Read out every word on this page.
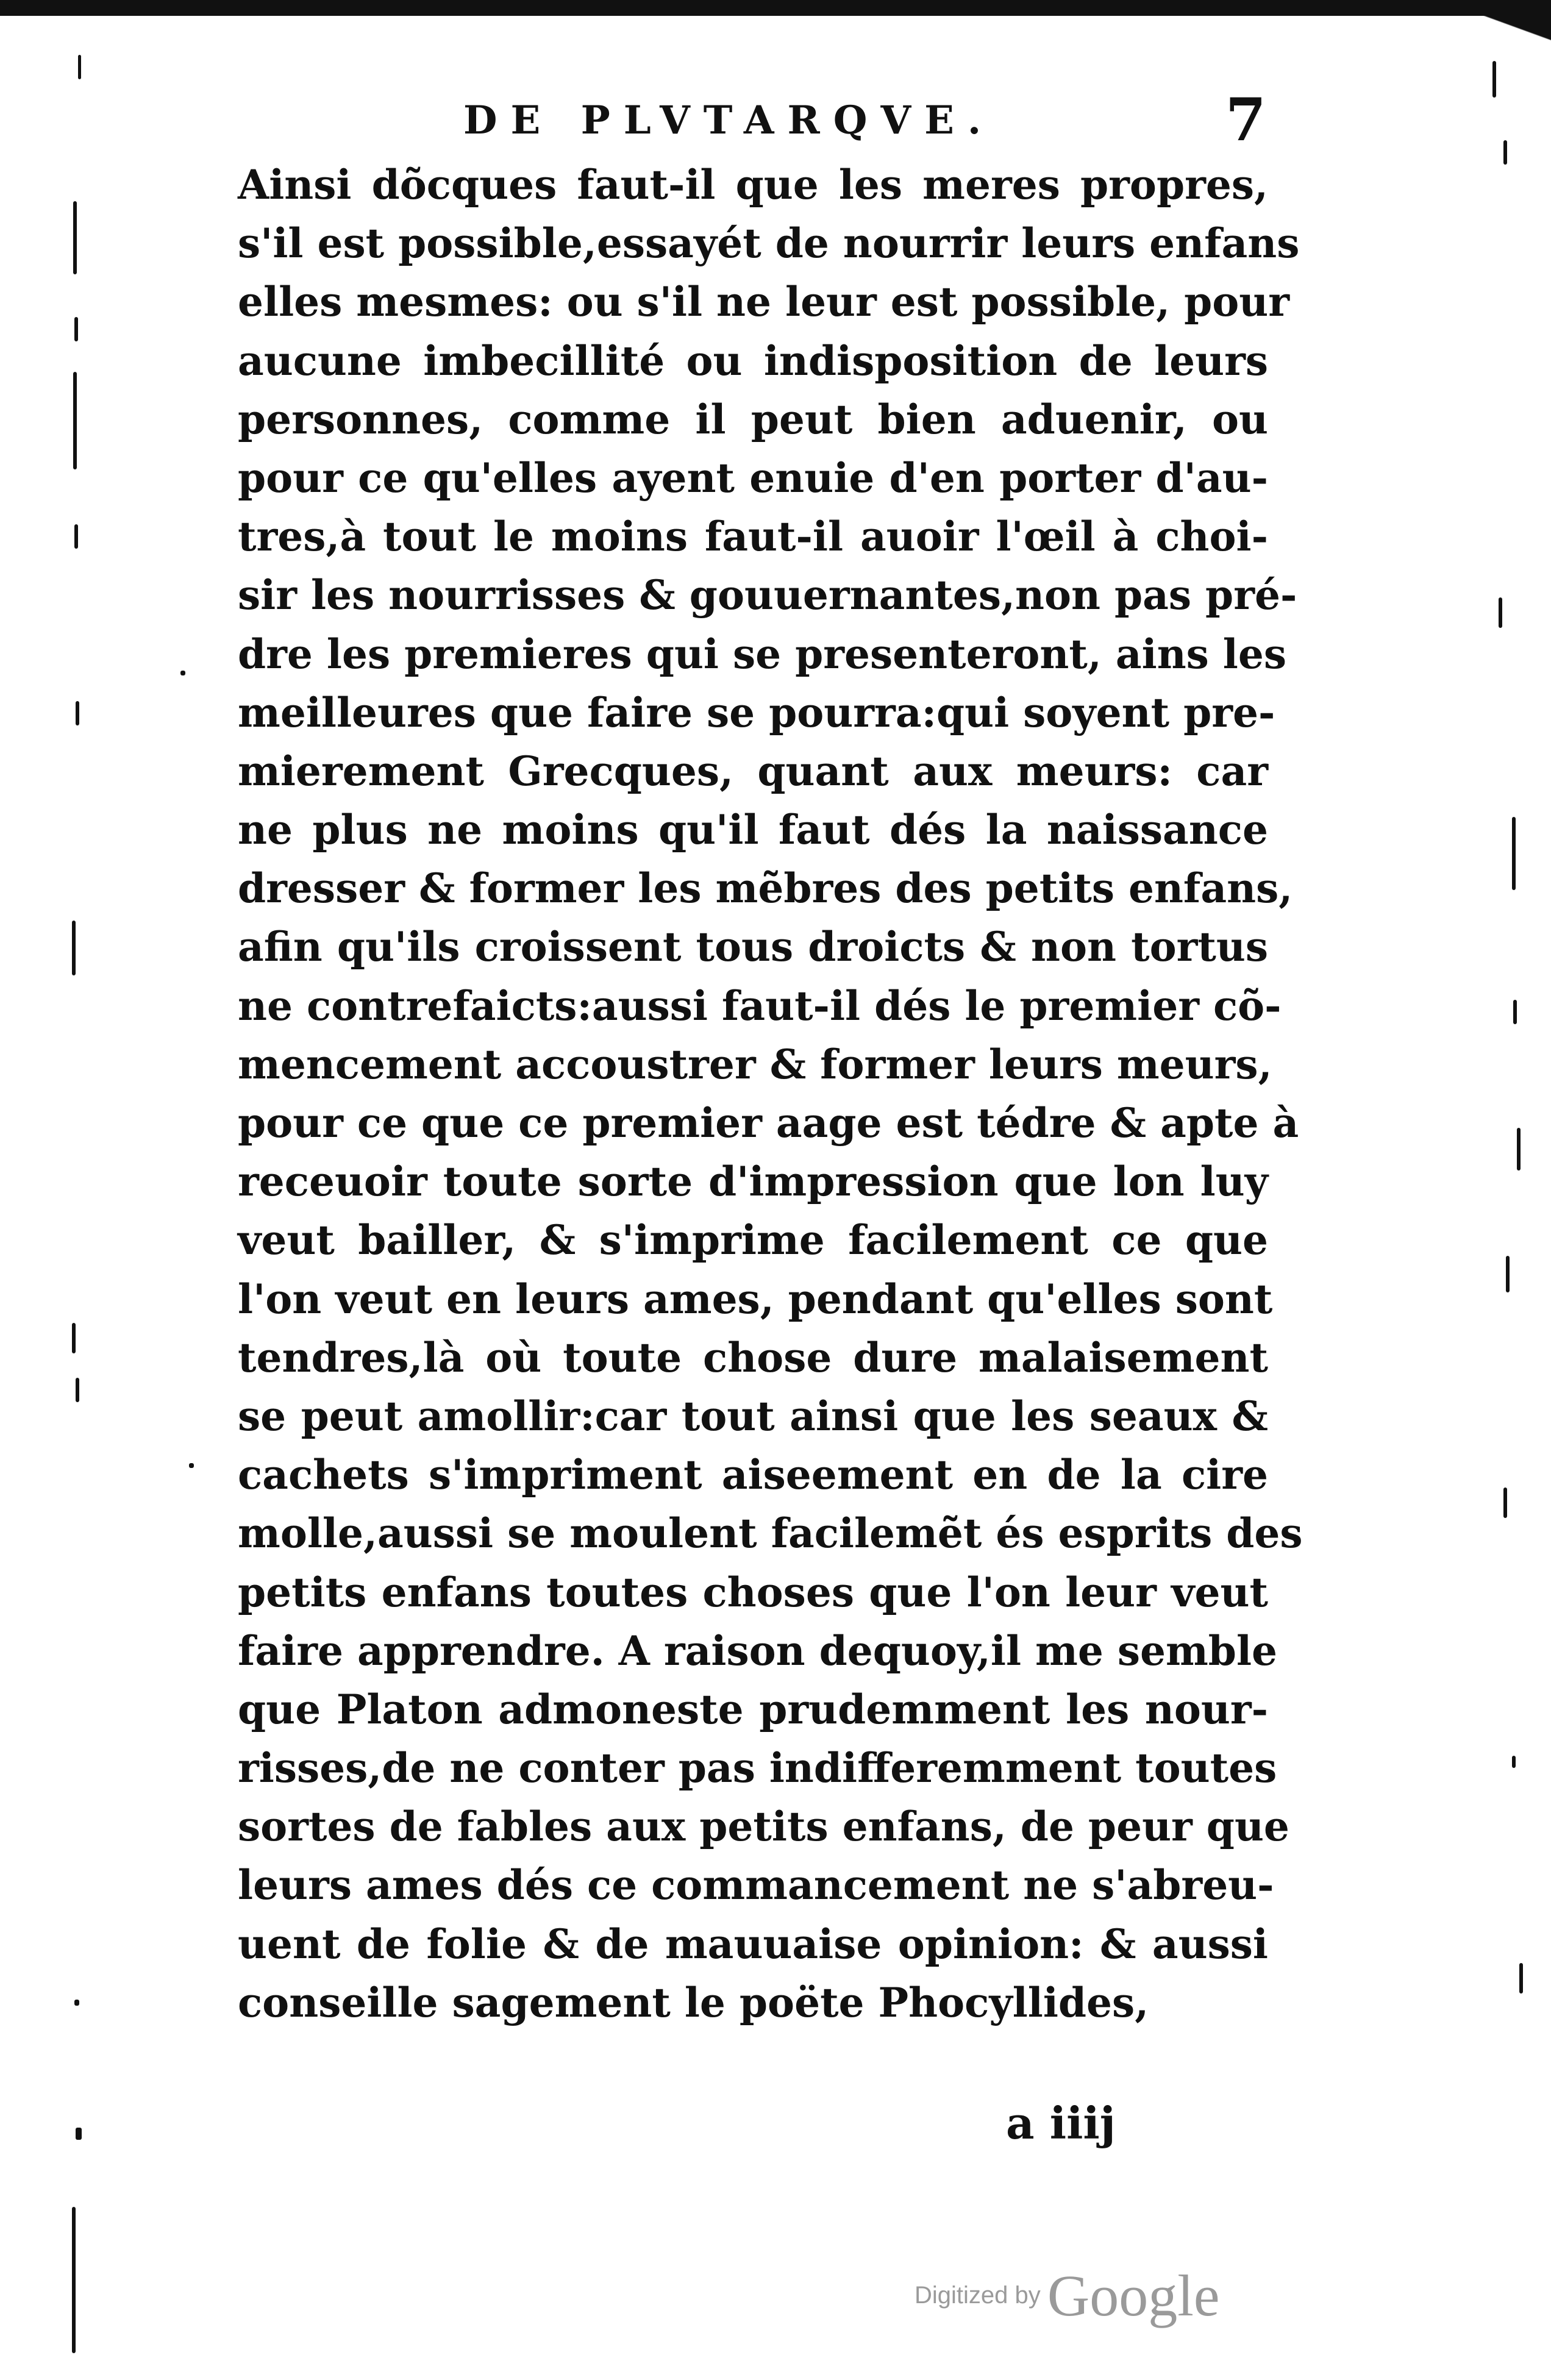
DE PLVTARQVE.	7
Ainsi dõcques faut-il que les meres propres,
s'il est possible,essayét de nourrir leurs enfans
elles mesmes: ou s'il ne leur est possible, pour
aucune imbecillité ou indisposition de leurs
personnes, comme il peut bien aduenir, ou
pour ce qu'elles ayent enuie d'en porter d'au-
tres,à tout le moins faut-il auoir l'œil à choi-
sir les nourrisses & gouuernantes,non pas pré-
dre les premieres qui se presenteront, ains les
meilleures que faire se pourra:qui soyent pre-
mierement Grecques, quant aux meurs: car
ne plus ne moins qu'il faut dés la naissance
dresser & former les mẽbres des petits enfans,
afin qu'ils croissent tous droicts & non tortus
ne contrefaicts:aussi faut-il dés le premier cõ-
mencement accoustrer & former leurs meurs,
pour ce que ce premier aage est tédre & apte à
receuoir toute sorte d'impression que lon luy
veut bailler, & s'imprime facilement ce que
l'on veut en leurs ames, pendant qu'elles sont
tendres,là où toute chose dure malaisement
se peut amollir:car tout ainsi que les seaux &
cachets s'impriment aiseement en de la cire
molle,aussi se moulent facilemẽt és esprits des
petits enfans toutes choses que l'on leur veut
faire apprendre. A raison dequoy,il me semble
que Platon admoneste prudemment les nour-
risses,de ne conter pas indifferemment toutes
sortes de fables aux petits enfans, de peur que
leurs ames dés ce commancement ne s'abreu-
uent de folie & de mauuaise opinion: & aussi
conseille sagement le poëte Phocyllides,
a iiij
Digitized by Google
